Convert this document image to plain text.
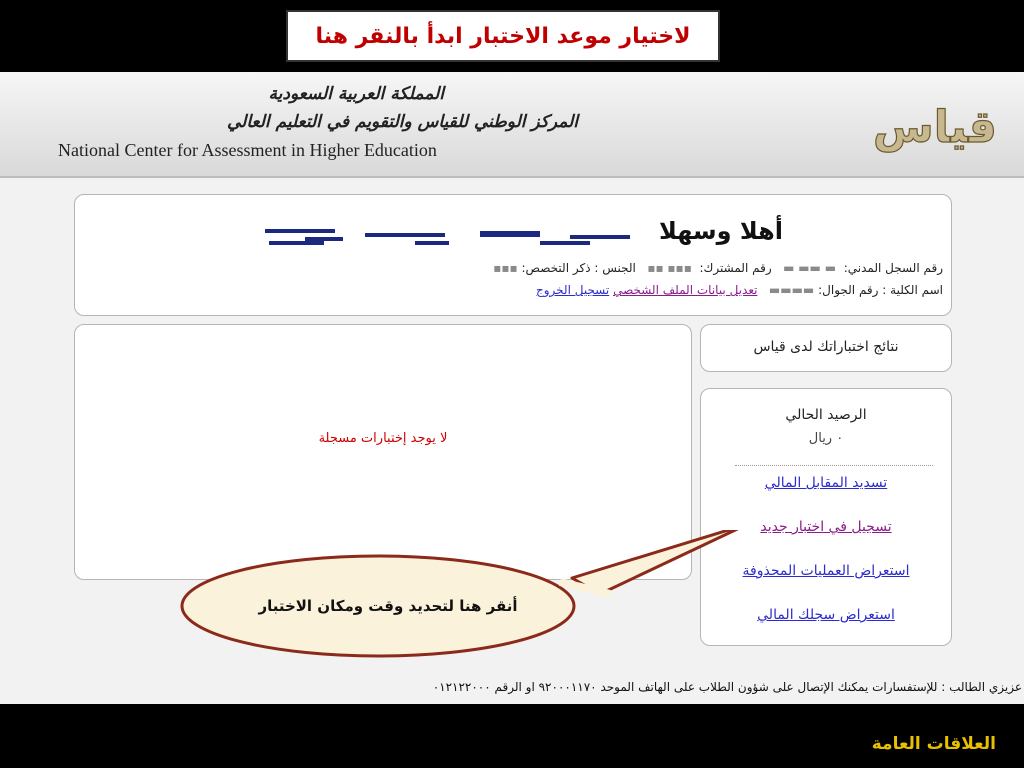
لاختيار موعد الاختبار ابدأ بالنقر هنا
المملكة العربية السعودية
المركز الوطني للقياس والتقويم في التعليم العالي
National Center for Assessment in Higher Education	قياس
أهلا وسهلا
رقم السجل المدني:  ▬ ▬▬ ▬   رقم المشترك:  ▪▪▪ ▪▪   الجنس : ذكر التخصص: ▪▪▪
اسم الكلية : رقم الجوال: ▬▬▬▬   تعديل بيانات الملف الشخصي تسجيل الخروج
لا يوجد إختبارات مسجلة
نتائج اختباراتك لدى قياس
الرصيد الحالي
٠ ريال
تسديد المقابل المالي
تسجيل في اختبار جديد
استعراض العمليات المحذوفة
استعراض سجلك المالي
عزيزي الطالب : للإستفسارات يمكنك الإتصال على شؤون الطلاب على الهاتف الموحد ٩٢٠٠٠١١٧٠ او الرقم ٠١٢١٢٢٠٠٠
أنقر هنا لتحديد وقت ومكان الاختبار
العلاقات العامة
